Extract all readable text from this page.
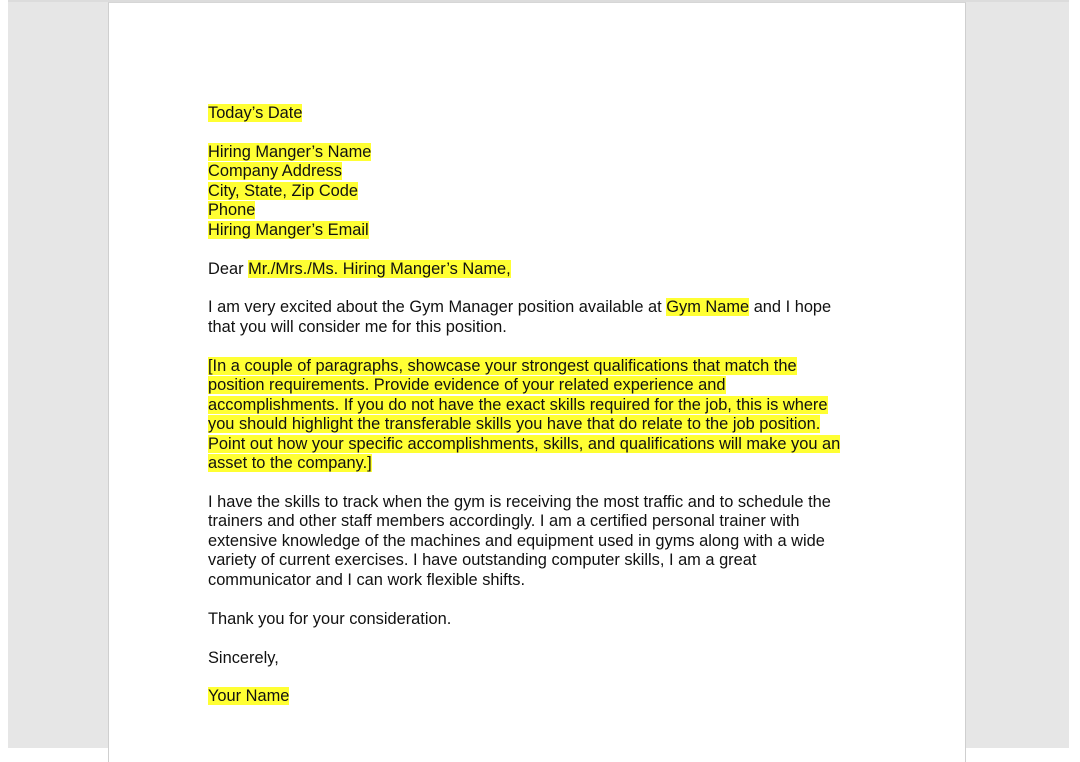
Today’s Date

Hiring Manger’s Name
Company Address
City, State, Zip Code
Phone
Hiring Manger’s Email

Dear Mr./Mrs./Ms. Hiring Manger’s Name,

I am very excited about the Gym Manager position available at Gym Name and I hope
that you will consider me for this position.

[In a couple of paragraphs, showcase your strongest qualifications that match the
position requirements. Provide evidence of your related experience and
accomplishments. If you do not have the exact skills required for the job, this is where
you should highlight the transferable skills you have that do relate to the job position.
Point out how your specific accomplishments, skills, and qualifications will make you an
asset to the company.]

I have the skills to track when the gym is receiving the most traffic and to schedule the
trainers and other staff members accordingly. I am a certified personal trainer with
extensive knowledge of the machines and equipment used in gyms along with a wide
variety of current exercises. I have outstanding computer skills, I am a great
communicator and I can work flexible shifts.

Thank you for your consideration.

Sincerely,

Your Name
